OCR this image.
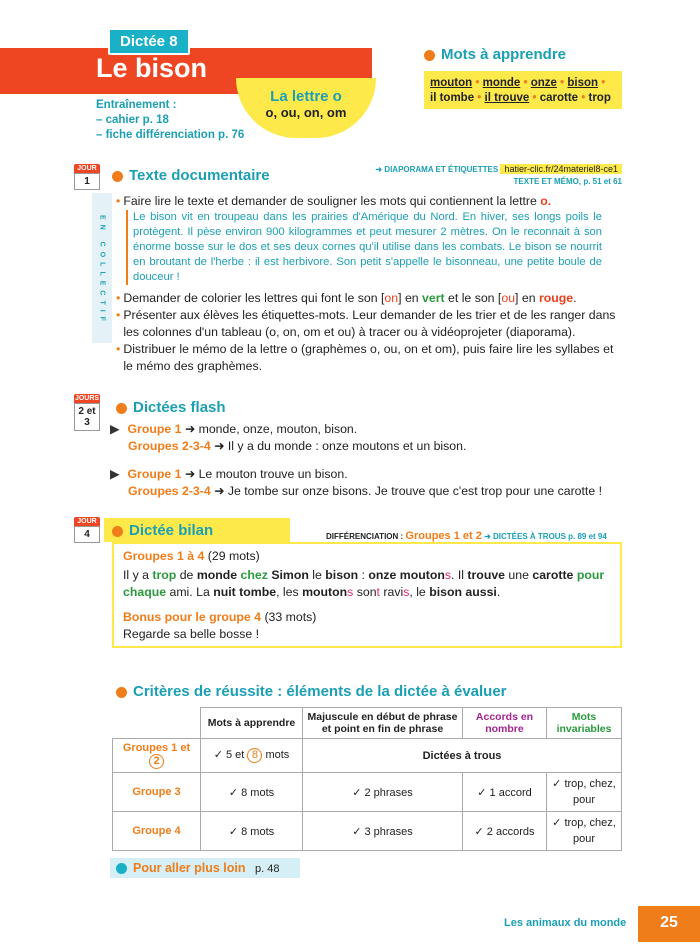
Dictée 8
Le bison
La lettre o
o, ou, on, om
Entraînement :
– cahier p. 18
– fiche différenciation p. 76
Mots à apprendre
mouton • monde • onze • bison •
il tombe • il trouve • carotte • trop
JOUR
1	Texte documentaire	➜ DIAPORAMA ET ÉTIQUETTES hatier-clic.fr/24materiel8-ce1
TEXTE ET MÉMO, p. 51 et 61
EN COLLECTIF
• Faire lire le texte et demander de souligner les mots qui contiennent la lettre o.
Le bison vit en troupeau dans les prairies d'Amérique du Nord. En hiver, ses longs poils le protègent. Il pèse environ 900 kilogrammes et peut mesurer 2 mètres. On le reconnait à son énorme bosse sur le dos et ses deux cornes qu'il utilise dans les combats. Le bison se nourrit en broutant de l'herbe : il est herbivore. Son petit s'appelle le bisonneau, une petite boule de douceur !
• Demander de colorier les lettres qui font le son [on] en vert et le son [ou] en rouge.
• Présenter aux élèves les étiquettes-mots. Leur demander de les trier et de les ranger dans les colonnes d'un tableau (o, on, om et ou) à tracer ou à vidéoprojeter (diaporama).
• Distribuer le mémo de la lettre o (graphèmes o, ou, on et om), puis faire lire les syllabes et le mémo des graphèmes.
JOURS
2 et 3
Dictées flash
▶ Groupe 1 ➜ monde, onze, mouton, bison.
Groupes 2-3-4 ➜ Il y a du monde : onze moutons et un bison.
▶ Groupe 1 ➜ Le mouton trouve un bison.
Groupes 2-3-4 ➜ Je tombe sur onze bisons. Je trouve que c'est trop pour une carotte !
JOUR
4	Dictée bilan	DIFFÉRENCIATION : Groupes 1 et 2 ➜ DICTÉES À TROUS p. 89 et 94
Groupes 1 à 4 (29 mots)
Il y a trop de monde chez Simon le bison : onze moutons. Il trouve une carotte pour chaque ami. La nuit tombe, les moutons sont ravis, le bison aussi.
Bonus pour le groupe 4 (33 mots)
Regarde sa belle bosse !
Critères de réussite : éléments de la dictée à évaluer
	Mots à apprendre	Majuscule en début de phrase et point en fin de phrase	Accords en nombre	Mots invariables
Groupes 1 et 2	✓ 5 et 8 mots	Dictées à trous		
Groupe 3	✓ 8 mots	✓ 2 phrases	✓ 1 accord	✓ trop, chez, pour
Groupe 4	✓ 8 mots	✓ 3 phrases	✓ 2 accords	✓ trop, chez, pour
Pour aller plus loin p. 48
Les animaux du monde	25
